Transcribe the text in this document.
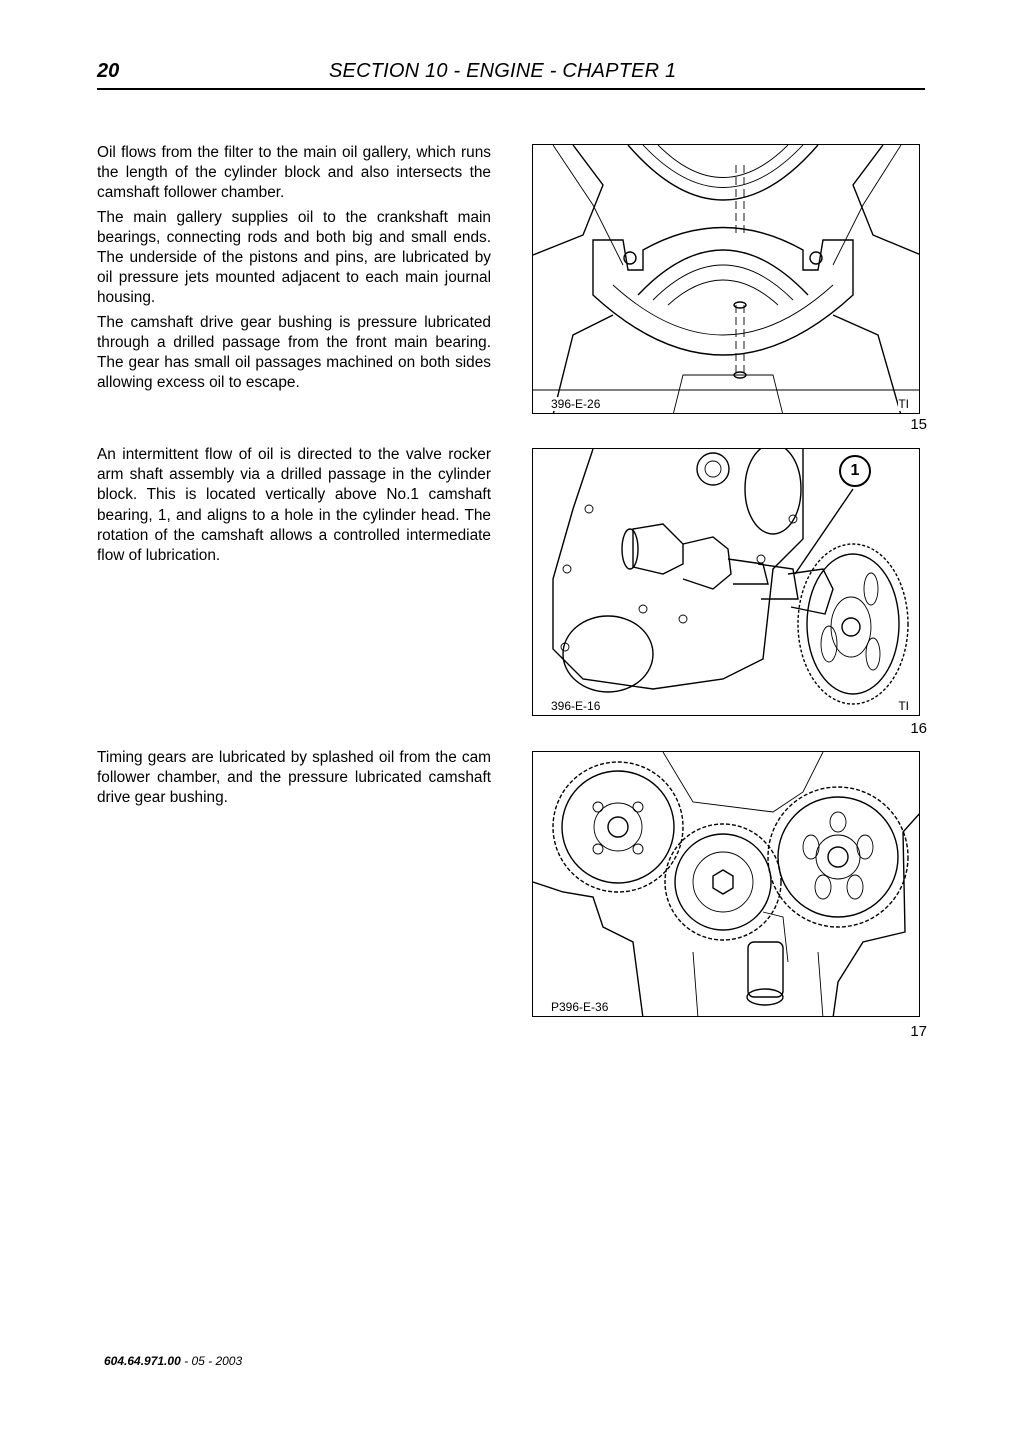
20	SECTION 10 - ENGINE - CHAPTER 1

Oil flows from the filter to the main oil gallery, which runs the length of the cylinder block and also intersects the camshaft follower chamber.

The main gallery supplies oil to the crankshaft main bearings, connecting rods and both big and small ends. The underside of the pistons and pins, are lubricated by oil pressure jets mounted adjacent to each main journal housing.

The camshaft drive gear bushing is pressure lubricated through a drilled passage from the front main bearing. The gear has small oil passages machined on both sides allowing excess oil to escape.

An intermittent flow of oil is directed to the valve rocker arm shaft assembly via a drilled passage in the cylinder block. This is located vertically above No.1 camshaft bearing, 1, and aligns to a hole in the cylinder head. The rotation of the camshaft allows a controlled intermediate flow of lubrication.

Timing gears are lubricated by splashed oil from the cam follower chamber, and the pressure lubricated camshaft drive gear bushing.

396-E-26	TI
15
1
396-E-16	TI
16
P396-E-36
17
604.64.971.00 - 05 - 2003
